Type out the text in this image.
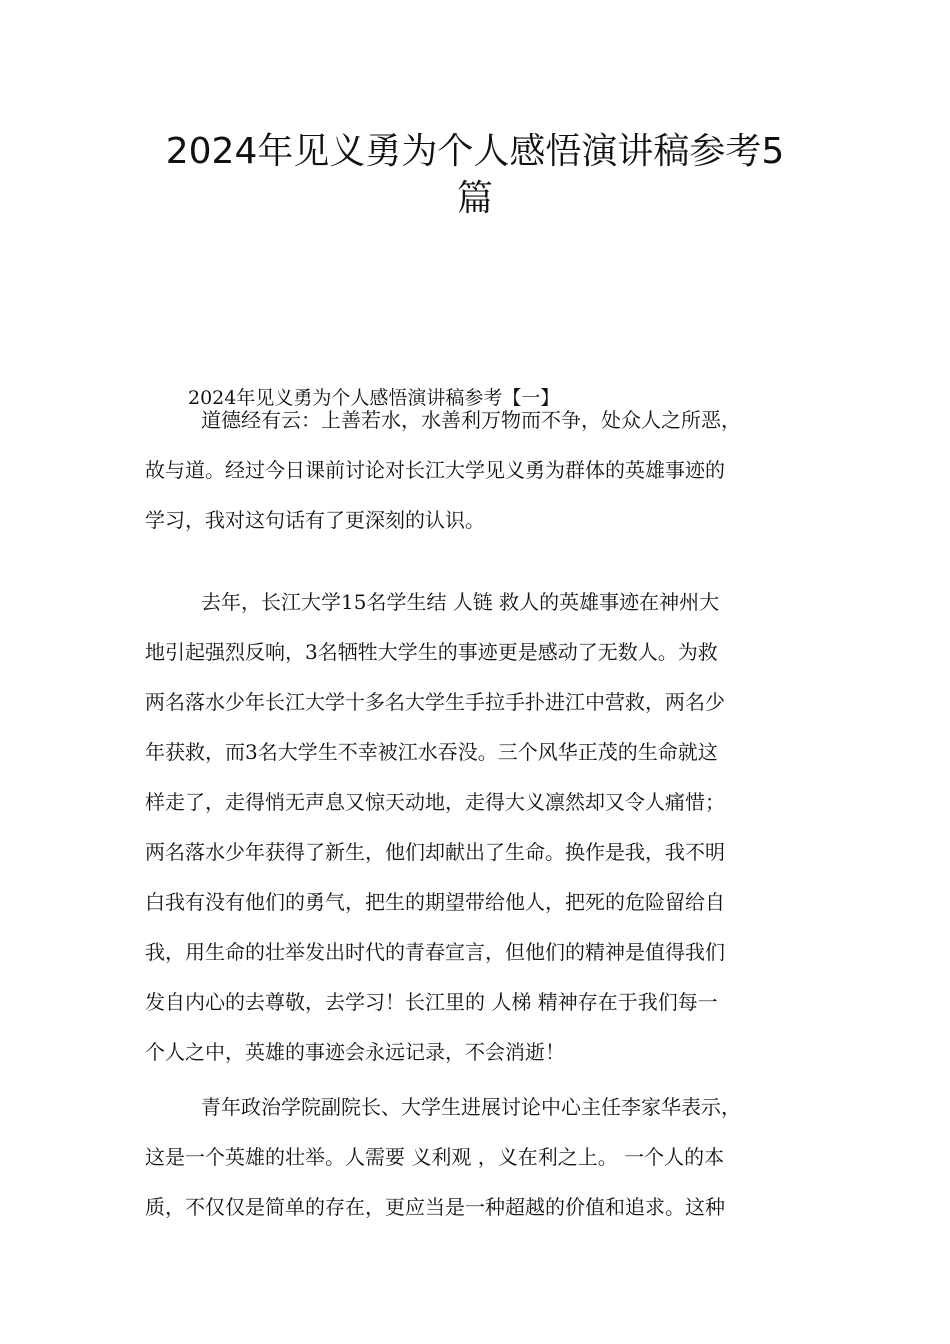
2024年见义勇为个人感悟演讲稿参考5
篇
2024年见义勇为个人感悟演讲稿参考【一】
道德经有云：上善若水，水善利万物而不争，处众人之所恶，
故与道。经过今日课前讨论对长江大学见义勇为群体的英雄事迹的
学习，我对这句话有了更深刻的认识。
去年，长江大学15名学生结 人链 救人的英雄事迹在神州大
地引起强烈反响，3名牺牲大学生的事迹更是感动了无数人。为救
两名落水少年长江大学十多名大学生手拉手扑进江中营救，两名少
年获救，而3名大学生不幸被江水吞没。三个风华正茂的生命就这
样走了，走得悄无声息又惊天动地，走得大义凛然却又令人痛惜；
两名落水少年获得了新生，他们却献出了生命。换作是我，我不明
白我有没有他们的勇气，把生的期望带给他人，把死的危险留给自
我，用生命的壮举发出时代的青春宣言，但他们的精神是值得我们
发自内心的去尊敬，去学习！长江里的 人梯 精神存在于我们每一
个人之中，英雄的事迹会永远记录，不会消逝！
青年政治学院副院长、大学生进展讨论中心主任李家华表示，
这是一个英雄的壮举。人需要 义利观 ，义在利之上。 一个人的本
质，不仅仅是简单的存在，更应当是一种超越的价值和追求。这种
